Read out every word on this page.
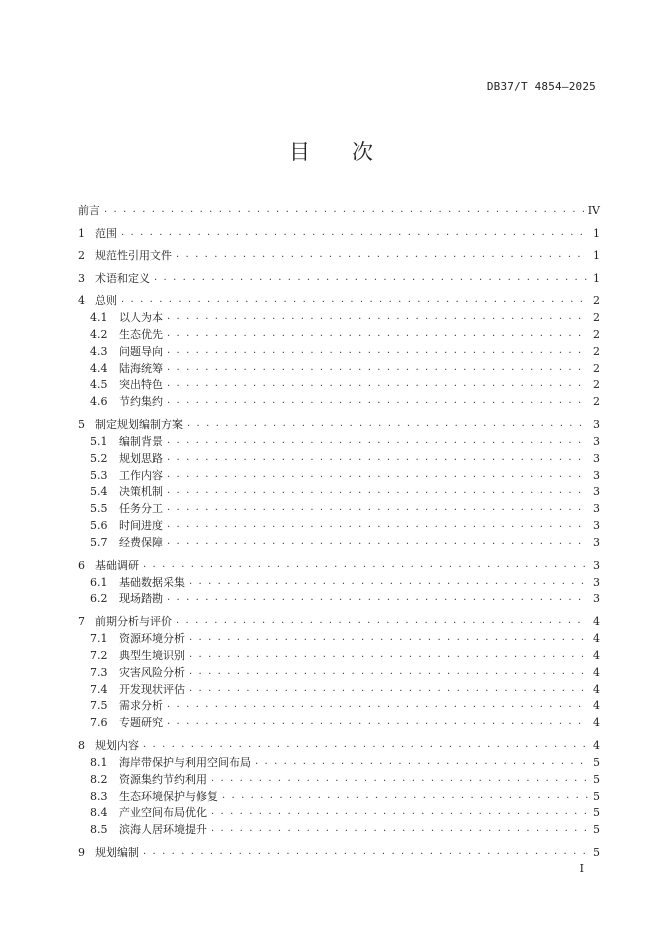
DB37/T 4854—2025
目次
前言 . . .	IV
1 范围 . . .	1
2 规范性引用文件 . . .	1
3 术语和定义 . . .	1
4 总则 . . .	2
4.1	以人为本 . . .	2
4.2	生态优先 . . .	2
4.3	问题导向 . . .	2
4.4	陆海统筹 . . .	2
4.5	突出特色 . . .	2
4.6	节约集约 . . .	2
5 制定规划编制方案 . . .	3
5.1	编制背景 . . .	3
5.2	规划思路 . . .	3
5.3	工作内容 . . .	3
5.4	决策机制 . . .	3
5.5	任务分工 . . .	3
5.6	时间进度 . . .	3
5.7	经费保障 . . .	3
6 基础调研 . . .	3
6.1	基础数据采集 . . .	3
6.2	现场踏勘 . . .	3
7 前期分析与评价 . . .	4
7.1	资源环境分析 . . .	4
7.2	典型生境识别 . . .	4
7.3	灾害风险分析 . . .	4
7.4	开发现状评估 . . .	4
7.5	需求分析 . . .	4
7.6	专题研究 . . .	4
8 规划内容 . . .	4
8.1	海岸带保护与利用空间布局 . . .	5
8.2	资源集约节约利用 . . .	5
8.3	生态环境保护与修复 . . .	5
8.4	产业空间布局优化 . . .	5
8.5	滨海人居环境提升 . . .	5
9 规划编制 . . .	5
I
